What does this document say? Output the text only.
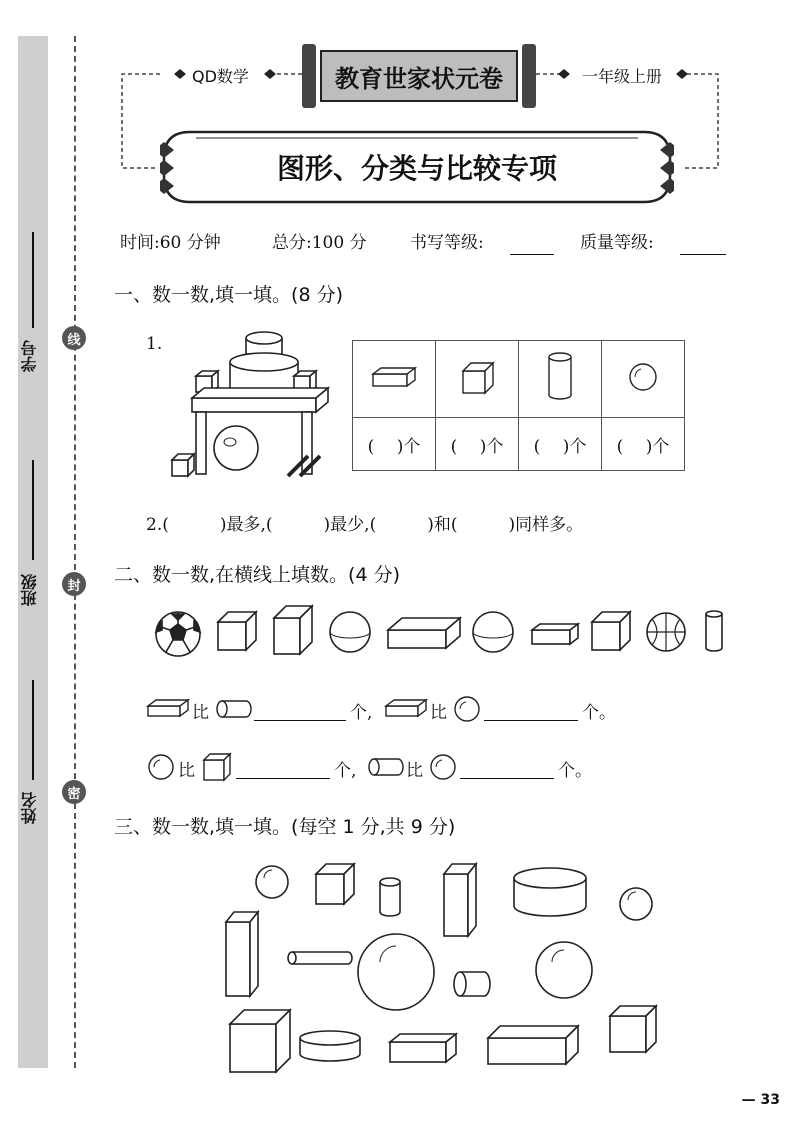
学号
班级
姓名
线
封
密
QD数学	一年级上册
教育世家状元卷
图形、分类与比较专项
时间:60 分钟	总分:100 分	书写等级:	质量等级:
一、数一数,填一填。(8 分)
1.

(　 )个	(　 )个	(　 )个	(　 )个
2.(　　　	)最多,(　　　	)最少,(　　　	)和(　　　	)同样多。
二、数一数,在横线上填数。(4 分)
比	个,	比	个。
比	个,	比	个。
三、数一数,填一填。(每空 1 分,共 9 分)
— 33
